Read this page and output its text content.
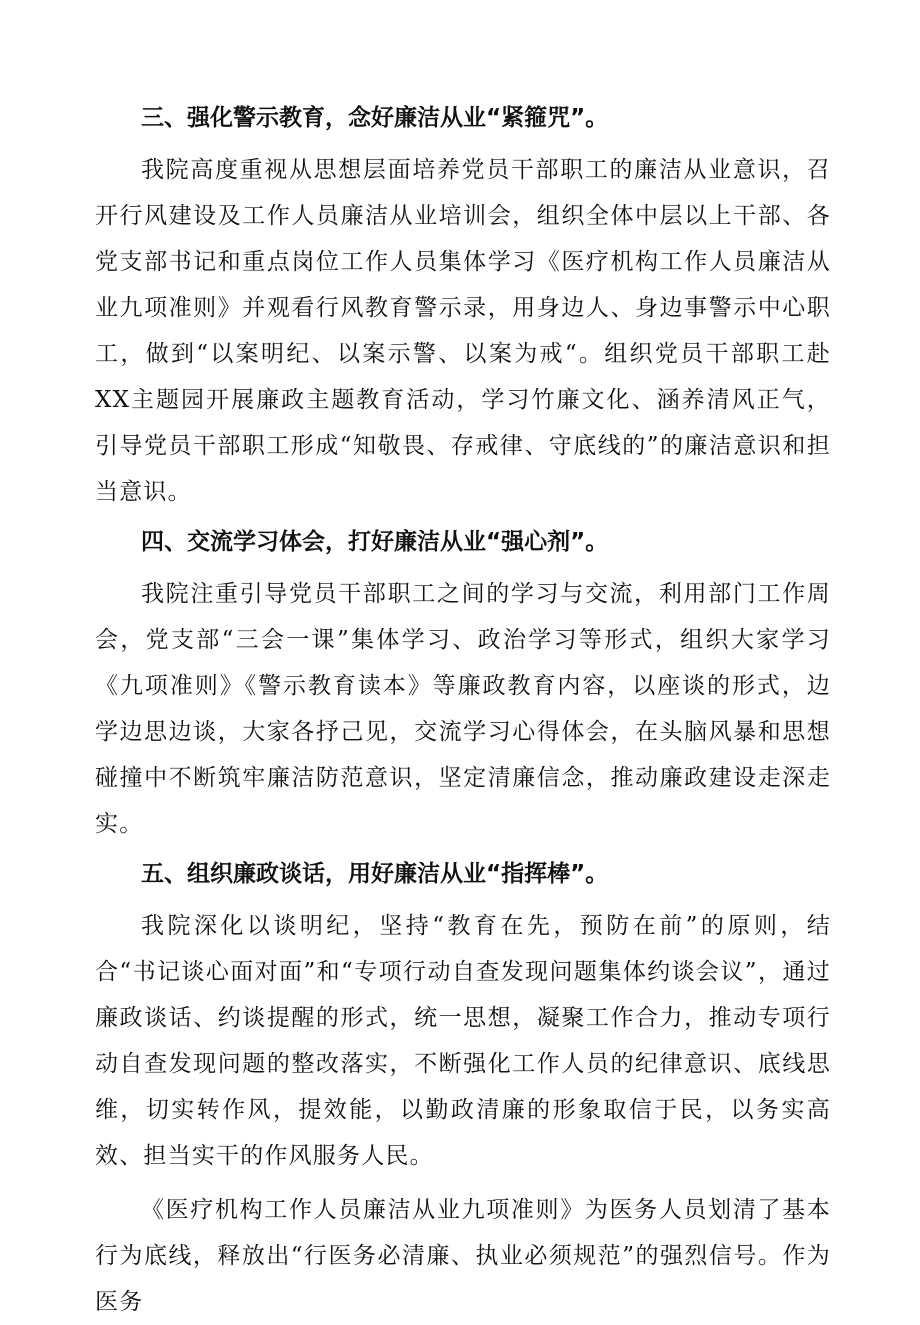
三、强化警示教育，念好廉洁从业“紧箍咒”。

我院高度重视从思想层面培养党员干部职工的廉洁从业意识，召开行风建设及工作人员廉洁从业培训会，组织全体中层以上干部、各党支部书记和重点岗位工作人员集体学习《医疗机构工作人员廉洁从业九项准则》并观看行风教育警示录，用身边人、身边事警示中心职工，做到“以案明纪、以案示警、以案为戒“。组织党员干部职工赴XX主题园开展廉政主题教育活动，学习竹廉文化、涵养清风正气，引导党员干部职工形成“知敬畏、存戒律、守底线的”的廉洁意识和担当意识。

四、交流学习体会，打好廉洁从业“强心剂”。

我院注重引导党员干部职工之间的学习与交流，利用部门工作周会，党支部“三会一课”集体学习、政治学习等形式，组织大家学习《九项准则》《警示教育读本》等廉政教育内容，以座谈的形式，边学边思边谈，大家各抒己见，交流学习心得体会，在头脑风暴和思想碰撞中不断筑牢廉洁防范意识，坚定清廉信念，推动廉政建设走深走实。

五、组织廉政谈话，用好廉洁从业“指挥棒”。

我院深化以谈明纪，坚持“教育在先，预防在前”的原则，结合“书记谈心面对面”和“专项行动自查发现问题集体约谈会议”，通过廉政谈话、约谈提醒的形式，统一思想，凝聚工作合力，推动专项行动自查发现问题的整改落实，不断强化工作人员的纪律意识、底线思维，切实转作风，提效能，以勤政清廉的形象取信于民，以务实高效、担当实干的作风服务人民。

《医疗机构工作人员廉洁从业九项准则》为医务人员划清了基本行为底线，释放出“行医务必清廉、执业必须规范”的强烈信号。作为医务
